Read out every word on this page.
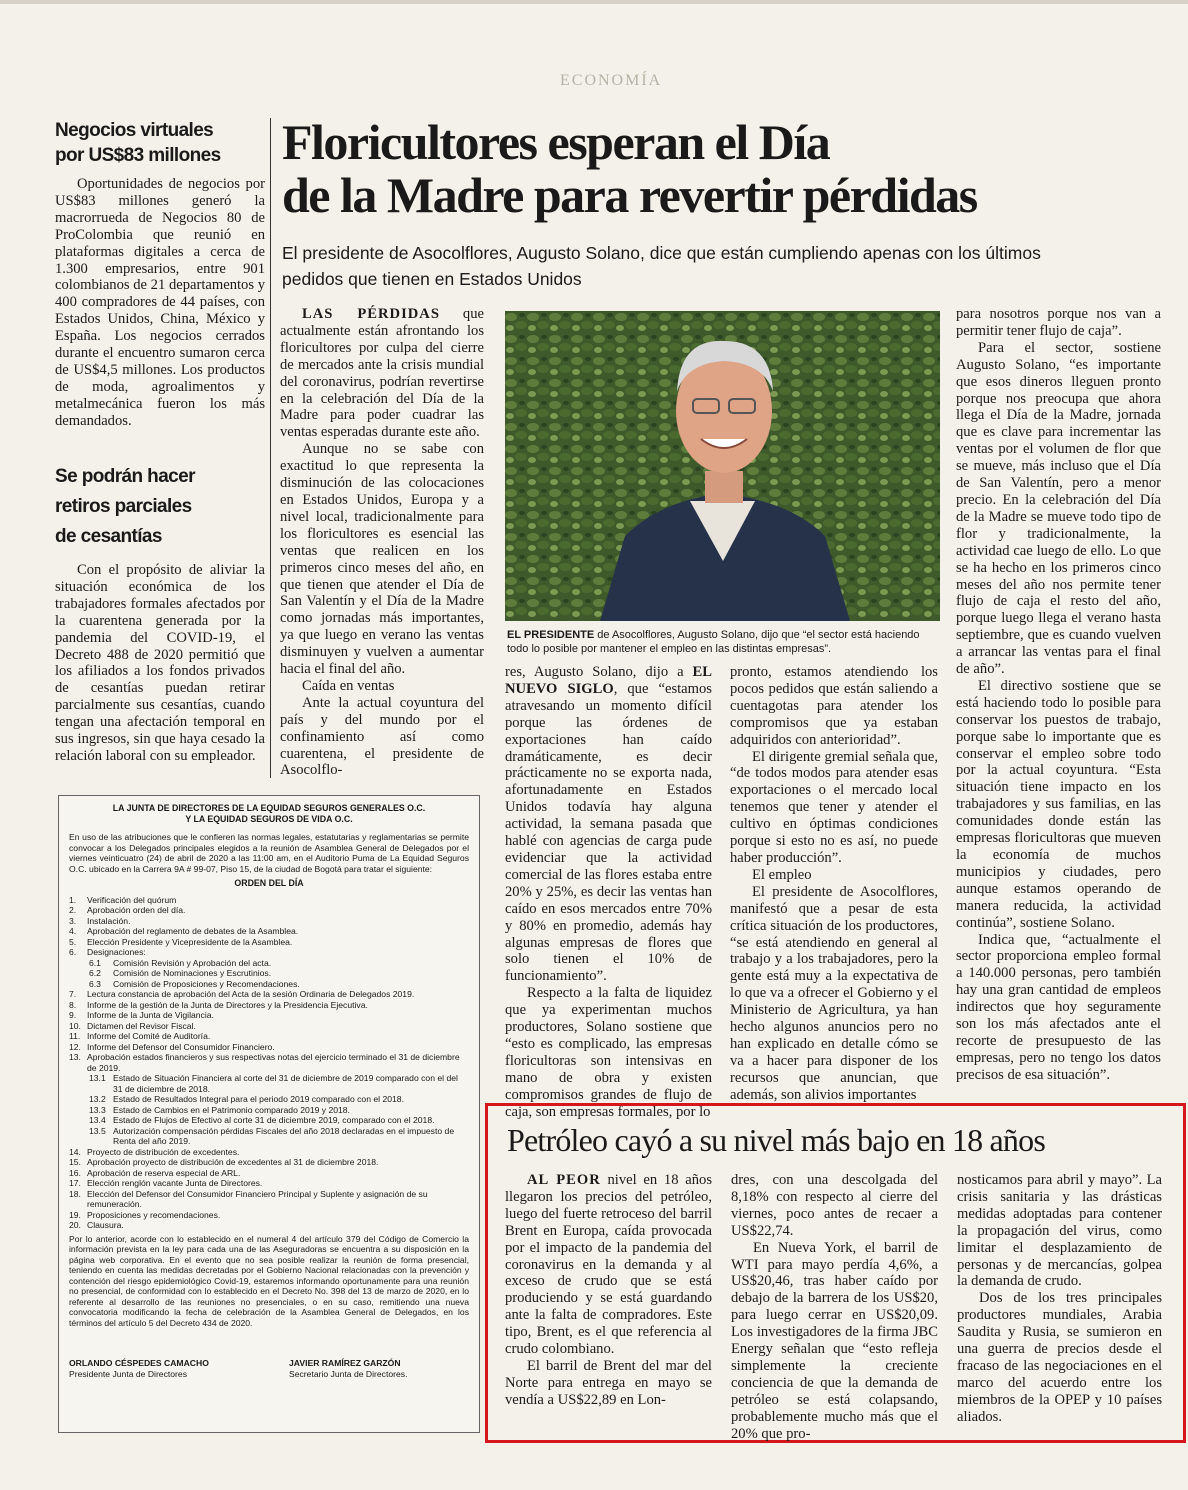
ECONOMÍA
Negocios virtuales
por US$83 millones

Oportunidades de negocios por US$83 millones generó la macrorrueda de Negocios 80 de ProColombia que reunió en plataformas digitales a cerca de 1.300 empresarios, entre 901 colombianos de 21 departamentos y 400 compradores de 44 países, con Estados Unidos, China, México y España. Los negocios cerrados durante el encuentro sumaron cerca de US$4,5 millones. Los productos de moda, agroalimentos y metalmecánica fueron los más demandados.

Se podrán hacer
retiros parciales
de cesantías

Con el propósito de aliviar la situación económica de los trabajadores formales afectados por la cuarentena generada por la pandemia del COVID-19, el Decreto 488 de 2020 permitió que los afiliados a los fondos privados de cesantías puedan retirar parcialmente sus cesantías, cuando tengan una afectación temporal en sus ingresos, sin que haya cesado la relación laboral con su empleador.

Floricultores esperan el Día
de la Madre para revertir pérdidas
El presidente de Asocolflores, Augusto Solano, dice que están cumpliendo apenas con los últimos
pedidos que tienen en Estados Unidos

LAS PÉRDIDAS que actualmente están afrontando los floricultores por culpa del cierre de mercados ante la crisis mundial del coronavirus, podrían revertirse en la celebración del Día de la Madre para poder cuadrar las ventas esperadas durante este año.

Aunque no se sabe con exactitud lo que representa la disminución de las colocaciones en Estados Unidos, Europa y a nivel local, tradicionalmente para los floricultores es esencial las ventas que realicen en los primeros cinco meses del año, en que tienen que atender el Día de San Valentín y el Día de la Madre como jornadas más importantes, ya que luego en verano las ventas disminuyen y vuelven a aumentar hacia el final del año.

Caída en ventas

Ante la actual coyuntura del país y del mundo por el confinamiento así como cuarentena, el presidente de Asocolflo-

EL PRESIDENTE de Asocolflores, Augusto Solano, dijo que “el sector está haciendo todo lo posible por mantener el empleo en las distintas empresas”.

res, Augusto Solano, dijo a EL NUEVO SIGLO, que “estamos atravesando un momento difícil porque las órdenes de exportaciones han caído dramáticamente, es decir prácticamente no se exporta nada, afortunadamente en Estados Unidos todavía hay alguna actividad, la semana pasada que hablé con agencias de carga pude evidenciar que la actividad comercial de las flores estaba entre 20% y 25%, es decir las ventas han caído en esos mercados entre 70% y 80% en promedio, además hay algunas empresas de flores que solo tienen el 10% de funcionamiento”.

Respecto a la falta de liquidez que ya experimentan muchos productores, Solano sostiene que “esto es complicado, las empresas floricultoras son intensivas en mano de obra y existen compromisos grandes de flujo de caja, son empresas formales, por lo

pronto, estamos atendiendo los pocos pedidos que están saliendo a cuentagotas para atender los compromisos que ya estaban adquiridos con anterioridad”.

El dirigente gremial señala que, “de todos modos para atender esas exportaciones o el mercado local tenemos que tener y atender el cultivo en óptimas condiciones porque si esto no es así, no puede haber producción”.

El empleo

El presidente de Asocolflores, manifestó que a pesar de esta crítica situación de los productores, “se está atendiendo en general al trabajo y a los trabajadores, pero la gente está muy a la expectativa de lo que va a ofrecer el Gobierno y el Ministerio de Agricultura, ya han hecho algunos anuncios pero no han explicado en detalle cómo se va a hacer para disponer de los recursos que anuncian, que además, son alivios importantes

para nosotros porque nos van a permitir tener flujo de caja”.

Para el sector, sostiene Augusto Solano, “es importante que esos dineros lleguen pronto porque nos preocupa que ahora llega el Día de la Madre, jornada que es clave para incrementar las ventas por el volumen de flor que se mueve, más incluso que el Día de San Valentín, pero a menor precio. En la celebración del Día de la Madre se mueve todo tipo de flor y tradicionalmente, la actividad cae luego de ello. Lo que se ha hecho en los primeros cinco meses del año nos permite tener flujo de caja el resto del año, porque luego llega el verano hasta septiembre, que es cuando vuelven a arrancar las ventas para el final de año”.

El directivo sostiene que se está haciendo todo lo posible para conservar los puestos de trabajo, porque sabe lo importante que es conservar el empleo sobre todo por la actual coyuntura. “Esta situación tiene impacto en los trabajadores y sus familias, en las comunidades donde están las empresas floricultoras que mueven la economía de muchos municipios y ciudades, pero aunque estamos operando de manera reducida, la actividad continúa”, sostiene Solano.

Indica que, “actualmente el sector proporciona empleo formal a 140.000 personas, pero también hay una gran cantidad de empleos indirectos que hoy seguramente son los más afectados ante el recorte de presupuesto de las empresas, pero no tengo los datos precisos de esa situación”.

LA JUNTA DE DIRECTORES DE LA EQUIDAD SEGUROS GENERALES O.C.
Y LA EQUIDAD SEGUROS DE VIDA O.C.

En uso de las atribuciones que le confieren las normas legales, estatutarias y reglamentarias se permite convocar a los Delegados principales elegidos a la reunión de Asamblea General de Delegados por el viernes veinticuatro (24) de abril de 2020 a las 11:00 am, en el Auditorio Puma de La Equidad Seguros O.C. ubicado en la Carrera 9A # 99-07, Piso 15, de la ciudad de Bogotá para tratar el siguiente:

ORDEN DEL DÍA
1. Verificación del quórum
2. Aprobación orden del día.
3. Instalación.
4. Aprobación del reglamento de debates de la Asamblea.
5. Elección Presidente y Vicepresidente de la Asamblea.
6. Designaciones:
6.1 Comisión Revisión y Aprobación del acta.
6.2 Comisión de Nominaciones y Escrutinios.
6.3 Comisión de Proposiciones y Recomendaciones.
7. Lectura constancia de aprobación del Acta de la sesión Ordinaria de Delegados 2019.
8. Informe de la gestión de la Junta de Directores y la Presidencia Ejecutiva.
9. Informe de la Junta de Vigilancia.
10. Dictamen del Revisor Fiscal.
11. Informe del Comité de Auditoría.
12. Informe del Defensor del Consumidor Financiero.
13. Aprobación estados financieros y sus respectivas notas del ejercicio terminado el 31 de diciembre de 2019.
13.1 Estado de Situación Financiera al corte del 31 de diciembre de 2019 comparado con el del 31 de diciembre de 2018.
13.2 Estado de Resultados Integral para el periodo 2019 comparado con el 2018.
13.3 Estado de Cambios en el Patrimonio comparado 2019 y 2018.
13.4 Estado de Flujos de Efectivo al corte 31 de diciembre 2019, comparado con el 2018.
13.5 Autorización compensación pérdidas Fiscales del año 2018 declaradas en el impuesto de Renta del año 2019.
14. Proyecto de distribución de excedentes.
15. Aprobación proyecto de distribución de excedentes al 31 de diciembre 2018.
16. Aprobación de reserva especial de ARL.
17. Elección renglón vacante Junta de Directores.
18. Elección del Defensor del Consumidor Financiero Principal y Suplente y asignación de su remuneración.
19. Proposiciones y recomendaciones.
20. Clausura.

Por lo anterior, acorde con lo establecido en el numeral 4 del artículo 379 del Código de Comercio la información prevista en la ley para cada una de las Aseguradoras se encuentra a su disposición en la página web corporativa. En el evento que no sea posible realizar la reunión de forma presencial, teniendo en cuenta las medidas decretadas por el Gobierno Nacional relacionadas con la prevención y contención del riesgo epidemiológico Covid-19, estaremos informando oportunamente para una reunión no presencial, de conformidad con lo establecido en el Decreto No. 398 del 13 de marzo de 2020, en lo referente al desarrollo de las reuniones no presenciales, o en su caso, remitiendo una nueva convocatoria modificando la fecha de celebración de la Asamblea General de Delegados, en los términos del artículo 5 del Decreto 434 de 2020.

ORLANDO CÉSPEDES CAMACHO
Presidente Junta de Directores
JAVIER RAMÍREZ GARZÓN
Secretario Junta de Directores.
Petróleo cayó a su nivel más bajo en 18 años

AL PEOR nivel en 18 años llegaron los precios del petróleo, luego del fuerte retroceso del barril Brent en Europa, caída provocada por el impacto de la pandemia del coronavirus en la demanda y al exceso de crudo que se está produciendo y se está guardando ante la falta de compradores. Este tipo, Brent, es el que referencia al crudo colombiano.

El barril de Brent del mar del Norte para entrega en mayo se vendía a US$22,89 en Lon-

dres, con una descolgada del 8,18% con respecto al cierre del viernes, poco antes de recaer a US$22,74.

En Nueva York, el barril de WTI para mayo perdía 4,6%, a US$20,46, tras haber caído por debajo de la barrera de los US$20, para luego cerrar en US$20,09. Los investigadores de la firma JBC Energy señalan que “esto refleja simplemente la creciente conciencia de que la demanda de petróleo se está colapsando, probablemente mucho más que el 20% que pro-

nosticamos para abril y mayo”. La crisis sanitaria y las drásticas medidas adoptadas para contener la propagación del virus, como limitar el desplazamiento de personas y de mercancías, golpea la demanda de crudo.

Dos de los tres principales productores mundiales, Arabia Saudita y Rusia, se sumieron en una guerra de precios desde el fracaso de las negociaciones en el marco del acuerdo entre los miembros de la OPEP y 10 países aliados.
